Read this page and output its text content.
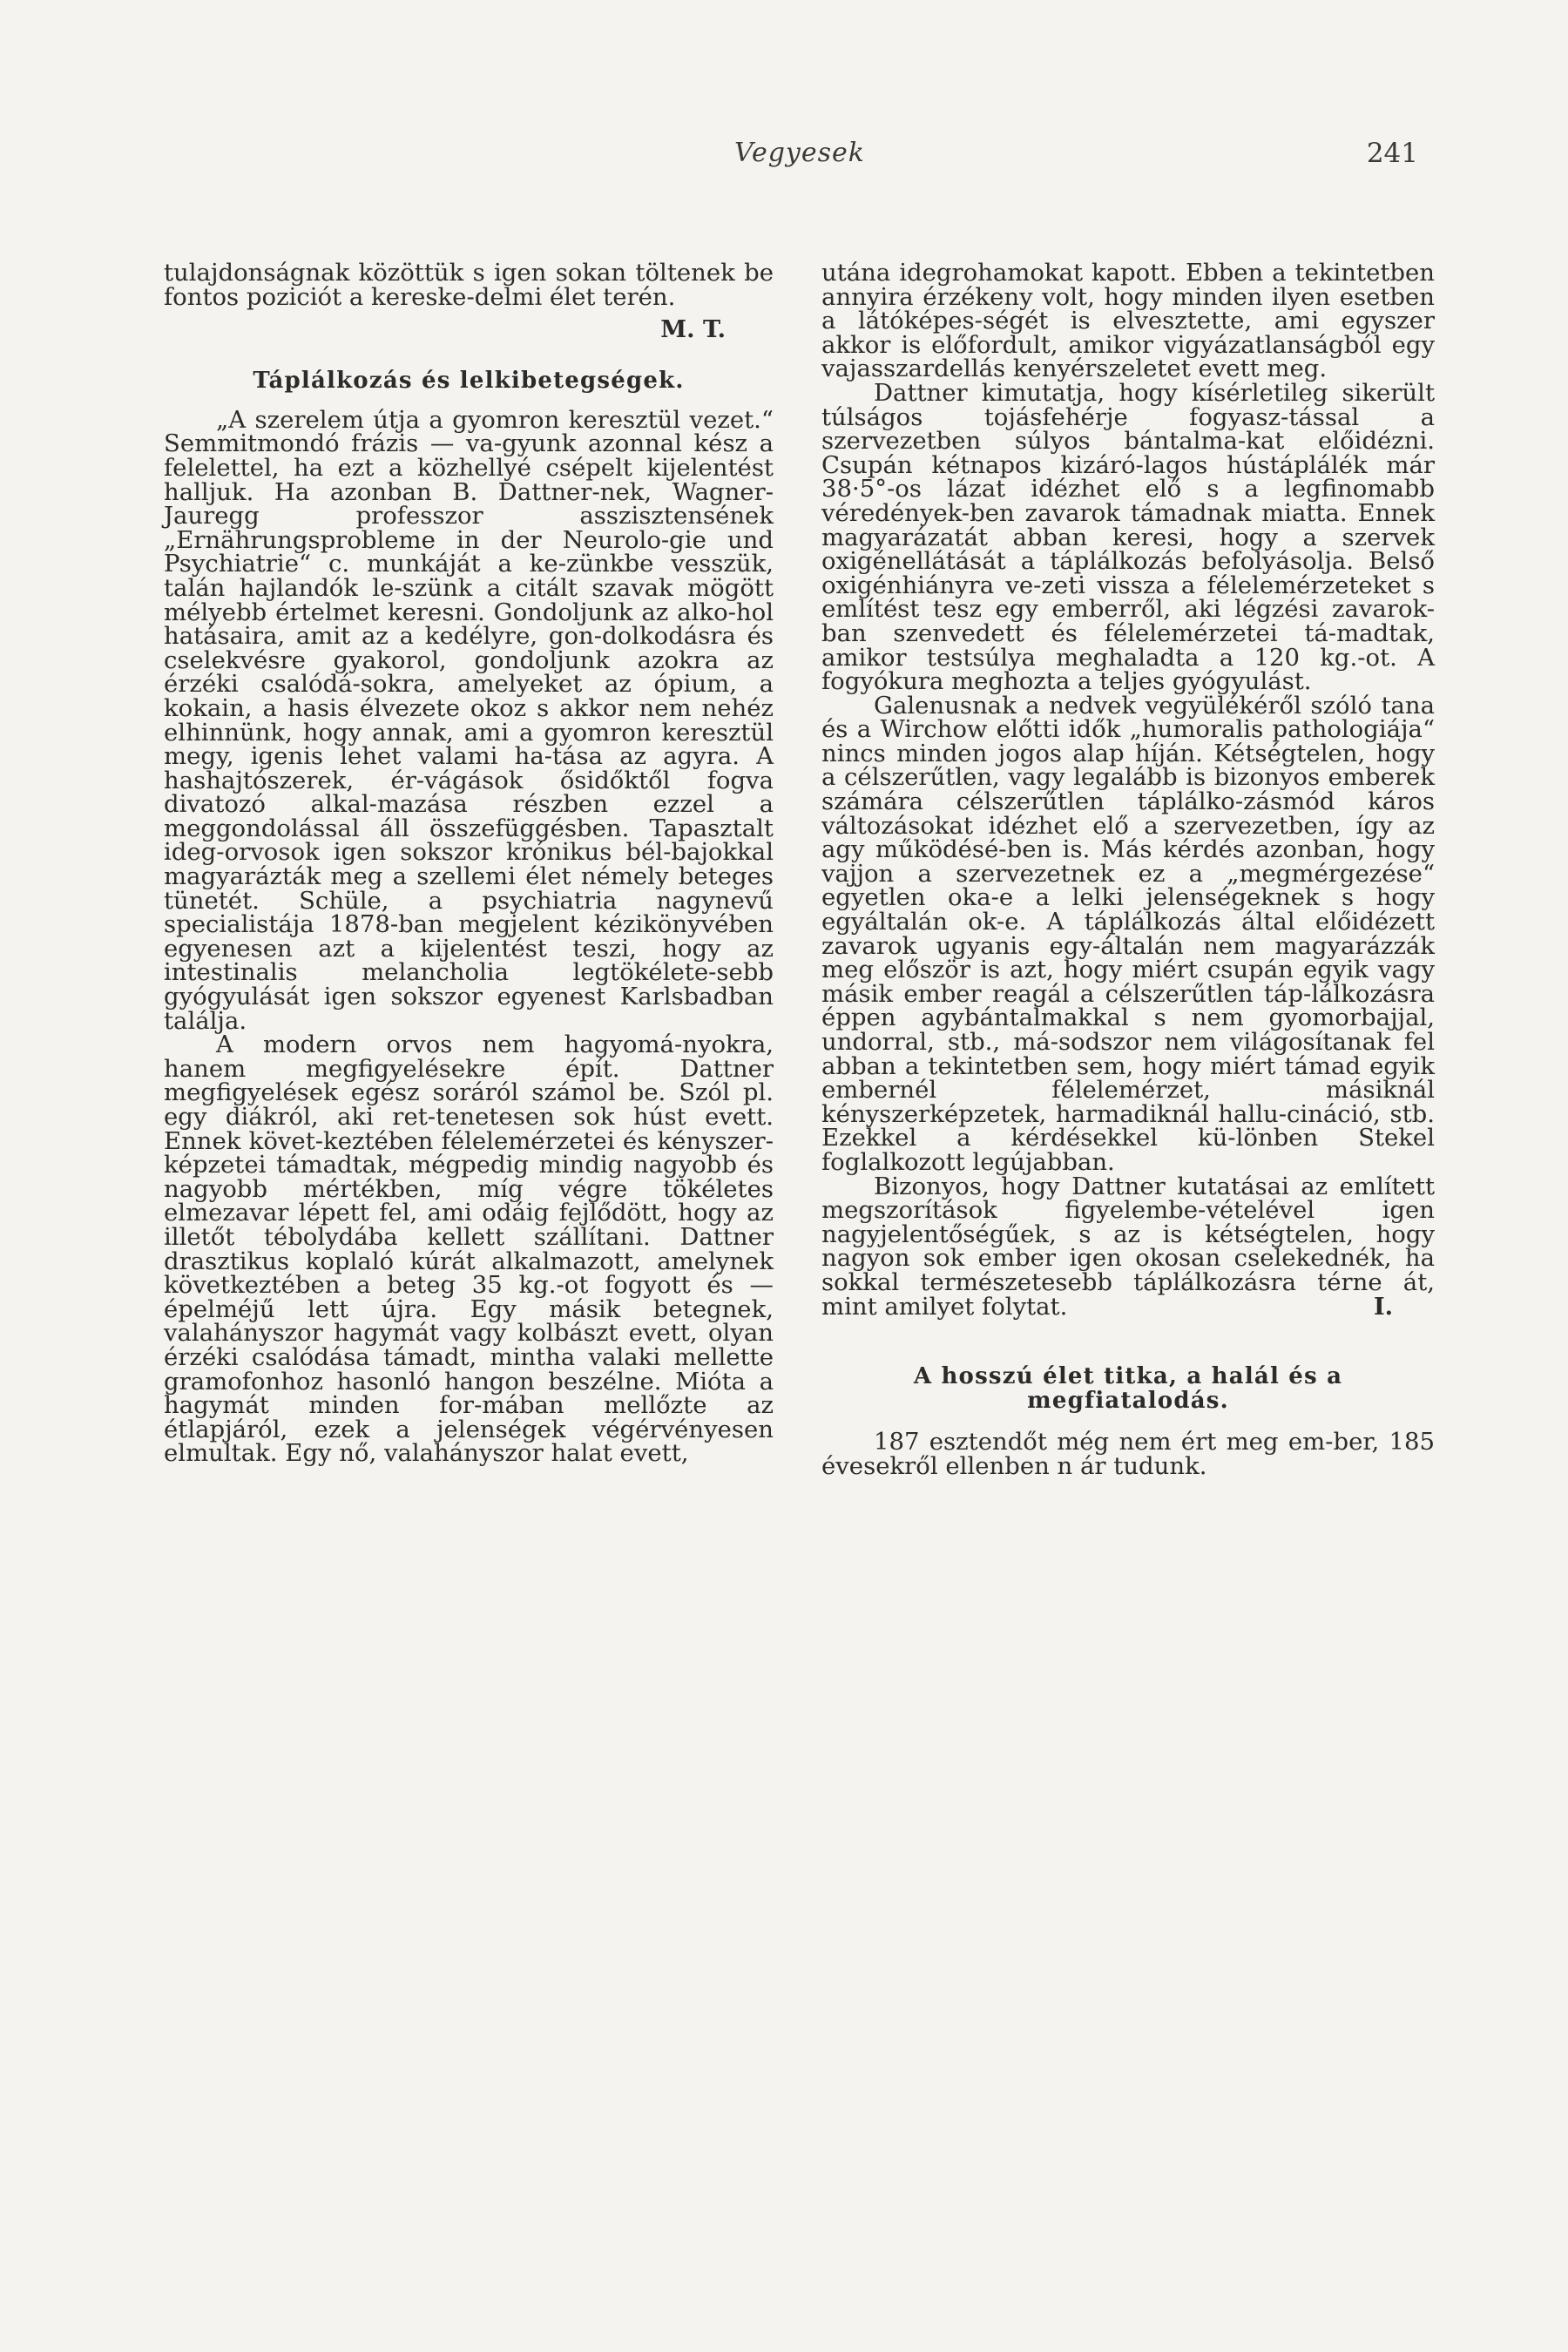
Vegyesek	241

tulajdonságnak közöttük s igen sokan töltenek be fontos poziciót a kereske-delmi élet terén.

M. T.
Táplálkozás és lelkibetegségek.

„A szerelem útja a gyomron keresztül vezet.“ Semmitmondó frázis — va-gyunk azonnal kész a felelettel, ha ezt a közhellyé csépelt kijelentést halljuk. Ha azonban B. Dattner-nek, Wagner-Jauregg professzor asszisztensének „Ernährungsprobleme in der Neurolo-gie und Psychiatrie“ c. munkáját a ke-zünkbe vesszük, talán hajlandók le-szünk a citált szavak mögött mélyebb értelmet keresni. Gondoljunk az alko-hol hatásaira, amit az a kedélyre, gon-dolkodásra és cselekvésre gyakorol, gondoljunk azokra az érzéki csalódá-sokra, amelyeket az ópium, a kokain, a hasis élvezete okoz s akkor nem nehéz elhinnünk, hogy annak, ami a gyomron keresztül megy, igenis lehet valami ha-tása az agyra. A hashajtószerek, ér-vágások ősidőktől fogva divatozó alkal-mazása részben ezzel a meggondolással áll összefüggésben. Tapasztalt ideg-orvosok igen sokszor krónikus bél-bajokkal magyarázták meg a szellemi élet némely beteges tünetét. Schüle, a psychiatria nagynevű specialistája 1878-ban megjelent kézikönyvében egyenesen azt a kijelentést teszi, hogy az intestinalis melancholia legtökélete-sebb gyógyulását igen sokszor egyenest Karlsbadban találja.

A modern orvos nem hagyomá-nyokra, hanem megfigyelésekre épít. Dattner megfigyelések egész soráról számol be. Szól pl. egy diákról, aki ret-tenetesen sok húst evett. Ennek követ-keztében félelemérzetei és kényszer-képzetei támadtak, mégpedig mindig nagyobb és nagyobb mértékben, míg végre tökéletes elmezavar lépett fel, ami odáig fejlődött, hogy az illetőt tébolydába kellett szállítani. Dattner drasztikus koplaló kúrát alkalmazott, amelynek következtében a beteg 35 kg.-ot fogyott és — épelméjű lett újra. Egy másik betegnek, valahányszor hagymát vagy kolbászt evett, olyan érzéki csalódása támadt, mintha valaki mellette gramofonhoz hasonló hangon beszélne. Mióta a hagymát minden for-mában mellőzte az étlapjáról, ezek a jelenségek végérvényesen elmultak. Egy nő, valahányszor halat evett,

utána idegrohamokat kapott. Ebben a tekintetben annyira érzékeny volt, hogy minden ilyen esetben a látóképes-ségét is elvesztette, ami egyszer akkor is előfordult, amikor vigyázatlanságból egy vajasszardellás kenyérszeletet evett meg.

Dattner kimutatja, hogy kísérletileg sikerült túlságos tojásfehérje fogyasz-tással a szervezetben súlyos bántalma-kat előidézni. Csupán kétnapos kizáró-lagos hústáplálék már 38·5°-os lázat idézhet elő s a legfinomabb véredények-ben zavarok támadnak miatta. Ennek magyarázatát abban keresi, hogy a szervek oxigénellátását a táplálkozás befolyásolja. Belső oxigénhiányra ve-zeti vissza a félelemérzeteket s említést tesz egy emberről, aki légzési zavarok-ban szenvedett és félelemérzetei tá-madtak, amikor testsúlya meghaladta a 120 kg.-ot. A fogyókura meghozta a teljes gyógyulást.

Galenusnak a nedvek vegyülékéről szóló tana és a Wirchow előtti idők „humoralis pathologiája“ nincs minden jogos alap híján. Kétségtelen, hogy a célszerűtlen, vagy legalább is bizonyos emberek számára célszerűtlen táplálko-zásmód káros változásokat idézhet elő a szervezetben, így az agy működésé-ben is. Más kérdés azonban, hogy vajjon a szervezetnek ez a „megmérgezése“ egyetlen oka-e a lelki jelenségeknek s hogy egyáltalán ok-e. A táplálkozás által előidézett zavarok ugyanis egy-általán nem magyarázzák meg először is azt, hogy miért csupán egyik vagy másik ember reagál a célszerűtlen táp-lálkozásra éppen agybántalmakkal s nem gyomorbajjal, undorral, stb., má-sodszor nem világosítanak fel abban a tekintetben sem, hogy miért támad egyik embernél félelemérzet, másiknál kényszerképzetek, harmadiknál hallu-cináció, stb. Ezekkel a kérdésekkel kü-lönben Stekel foglalkozott legújabban.

Bizonyos, hogy Dattner kutatásai az említett megszorítások figyelembe-vételével igen nagyjelentőségűek, s az is kétségtelen, hogy nagyon sok ember igen okosan cselekednék, ha sokkal természetesebb táplálkozásra térne át, mint amilyet folytat.	I.
A hosszú élet titka, a halál és a megfiatalodás.

187 esztendőt még nem ért meg em-ber, 185 évesekről ellenben n ár tudunk.
